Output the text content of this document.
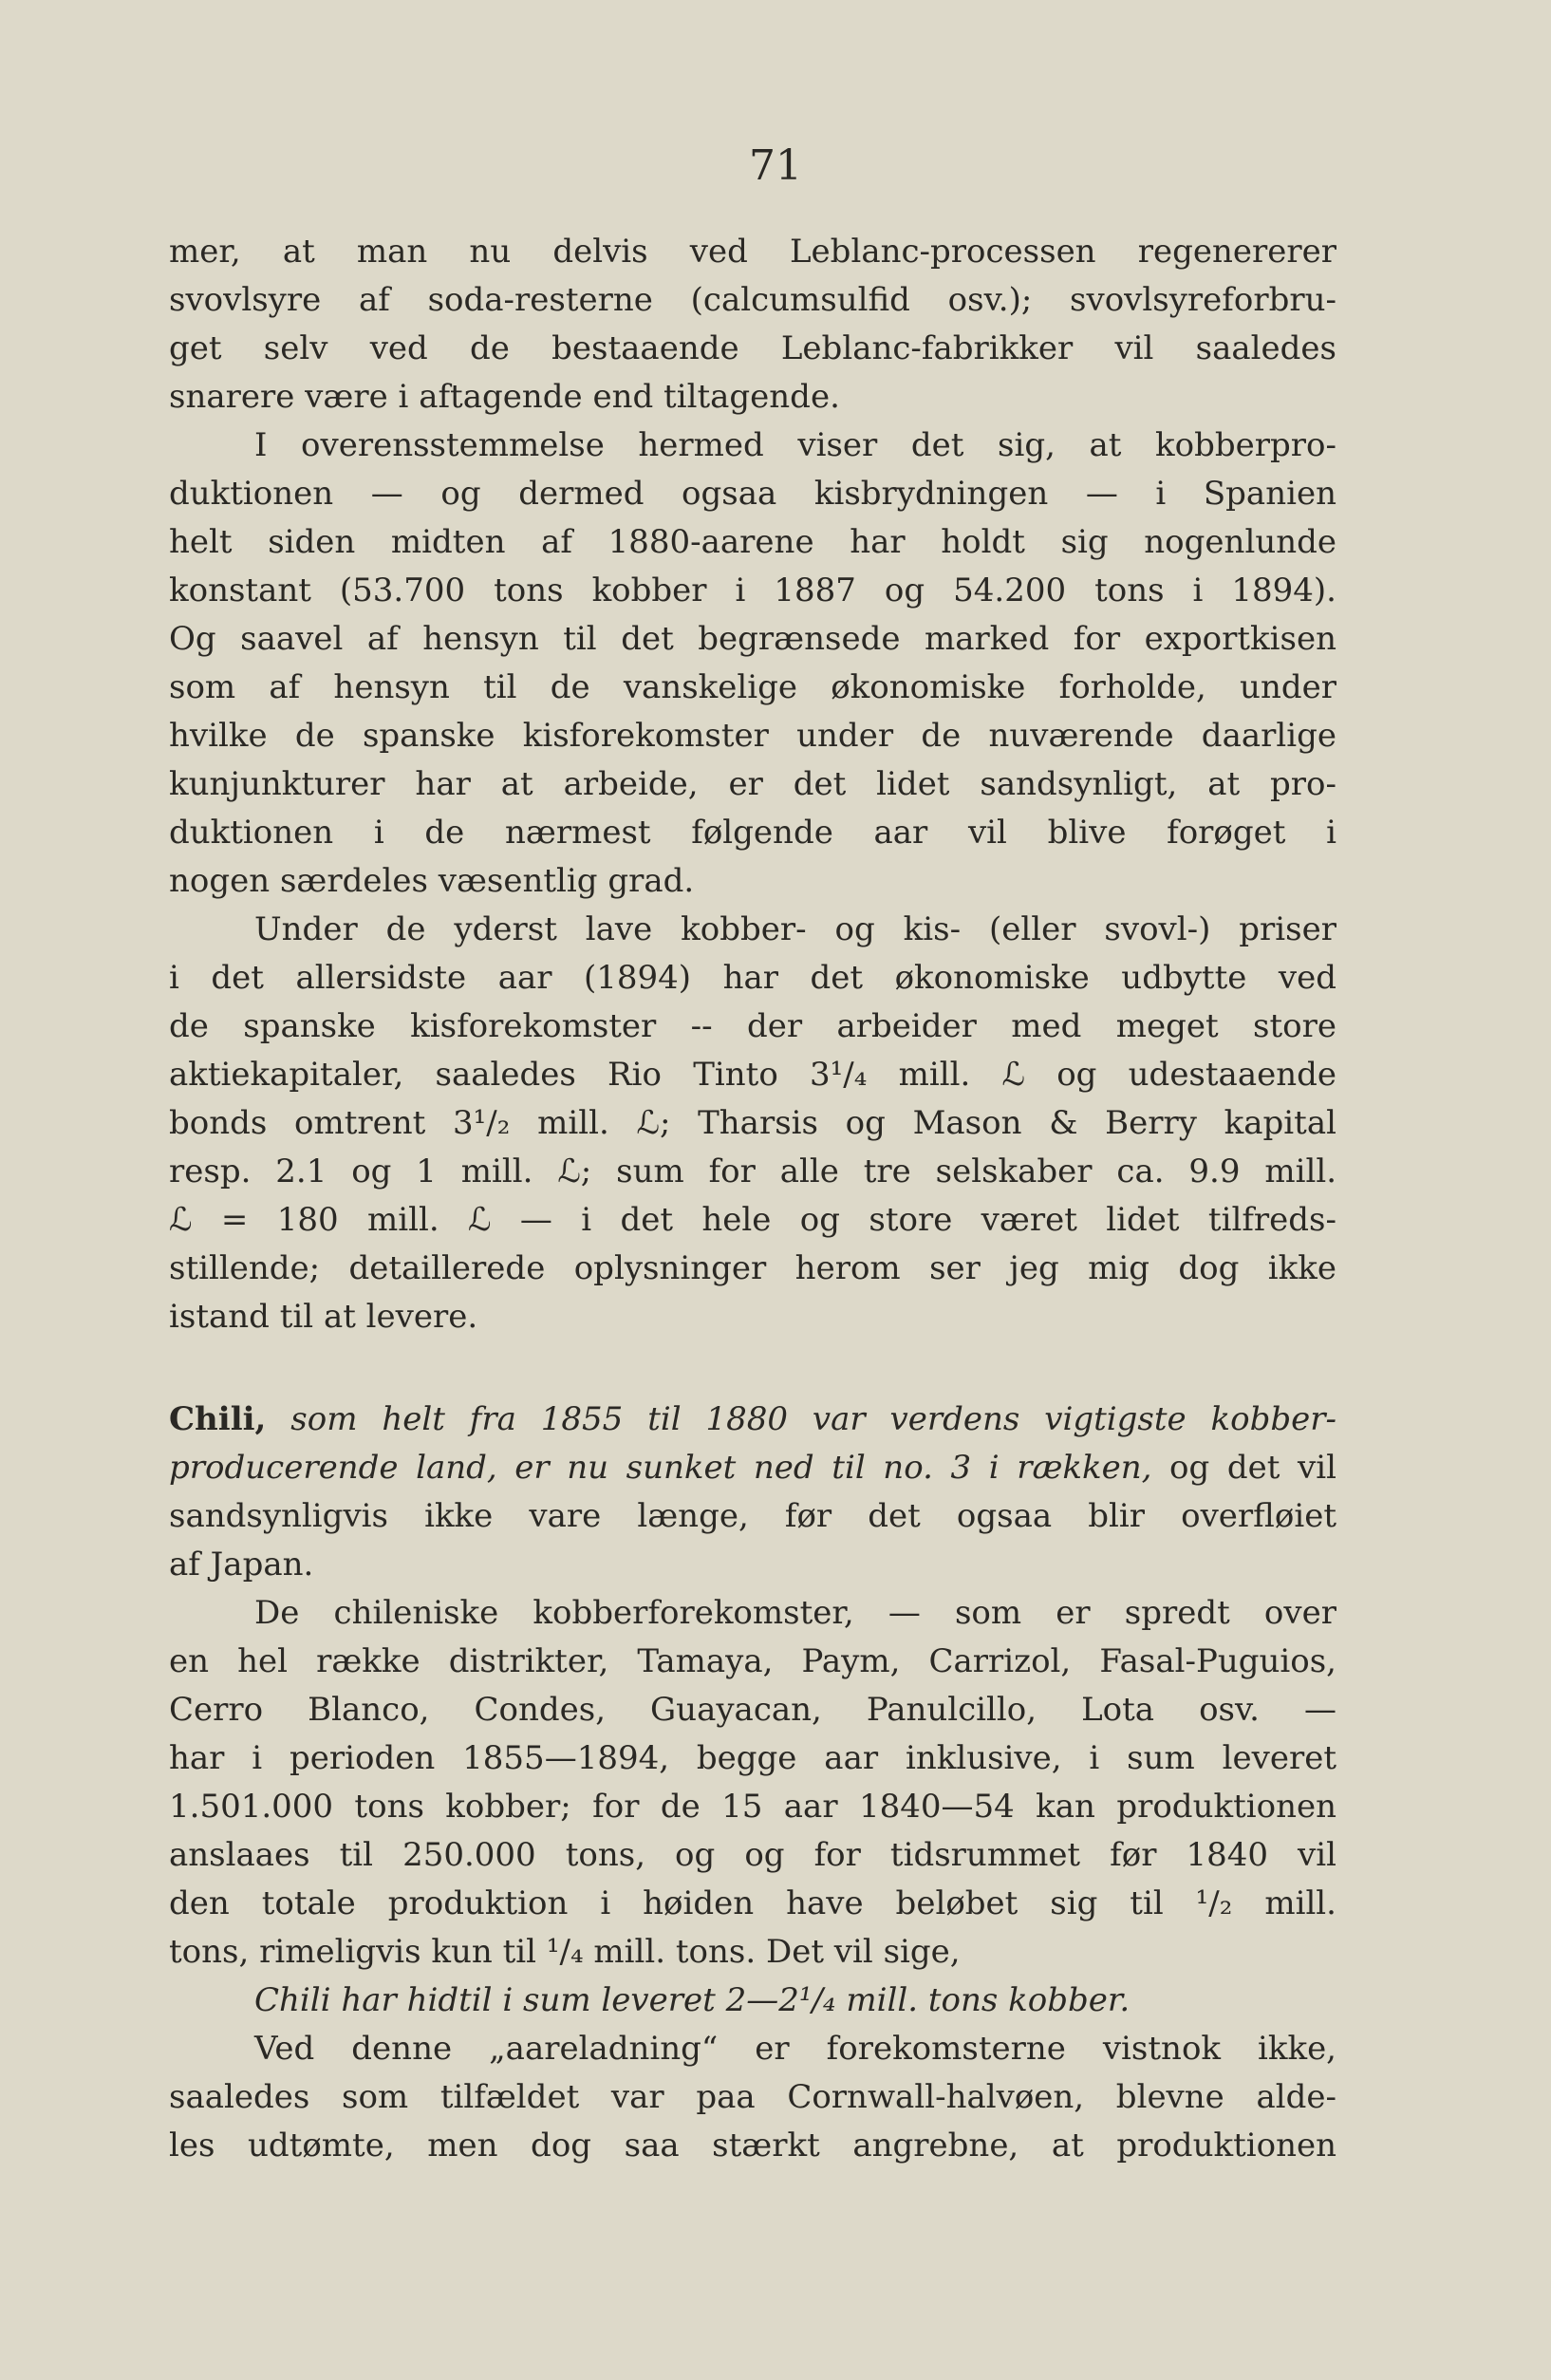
71
mer, at man nu delvis ved Leblanc-processen regenererer
svovlsyre af soda-resterne (calcumsulfid osv.); svovlsyreforbru-
get selv ved de bestaaende Leblanc-fabrikker vil saaledes
snarere være i aftagende end tiltagende.
I overensstemmelse hermed viser det sig, at kobberpro-
duktionen — og dermed ogsaa kisbrydningen — i Spanien
helt siden midten af 1880-aarene har holdt sig nogenlunde
konstant (53.700 tons kobber i 1887 og 54.200 tons i 1894).
Og saavel af hensyn til det begrænsede marked for exportkisen
som af hensyn til de vanskelige økonomiske forholde, under
hvilke de spanske kisforekomster under de nuværende daarlige
kunjunkturer har at arbeide, er det lidet sandsynligt, at pro-
duktionen i de nærmest følgende aar vil blive forøget i
nogen særdeles væsentlig grad.
Under de yderst lave kobber- og kis- (eller svovl-) priser
i det allersidste aar (1894) har det økonomiske udbytte ved
de spanske kisforekomster -- der arbeider med meget store
aktiekapitaler, saaledes Rio Tinto 3¹/₄ mill. ℒ og udestaaende
bonds omtrent 3¹/₂ mill. ℒ; Tharsis og Mason & Berry kapital
resp. 2.1 og 1 mill. ℒ; sum for alle tre selskaber ca. 9.9 mill.
ℒ = 180 mill. ℒ — i det hele og store været lidet tilfreds-
stillende; detaillerede oplysninger herom ser jeg mig dog ikke
istand til at levere.
Chili, som helt fra 1855 til 1880 var verdens vigtigste kobber-
producerende land, er nu sunket ned til no. 3 i rækken, og det vil
sandsynligvis ikke vare længe, før det ogsaa blir overfløiet
af Japan.
De chileniske kobberforekomster, — som er spredt over
en hel række distrikter, Tamaya, Paym, Carrizol, Fasal-Puguios,
Cerro Blanco, Condes, Guayacan, Panulcillo, Lota osv. —
har i perioden 1855—1894, begge aar inklusive, i sum leveret
1.501.000 tons kobber; for de 15 aar 1840—54 kan produktionen
anslaaes til 250.000 tons, og og for tidsrummet før 1840 vil
den totale produktion i høiden have beløbet sig til ¹/₂ mill.
tons, rimeligvis kun til ¹/₄ mill. tons. Det vil sige,
Chili har hidtil i sum leveret 2—2¹/₄ mill. tons kobber.
Ved denne „aareladning“ er forekomsterne vistnok ikke,
saaledes som tilfældet var paa Cornwall-halvøen, blevne alde-
les udtømte, men dog saa stærkt angrebne, at produktionen
